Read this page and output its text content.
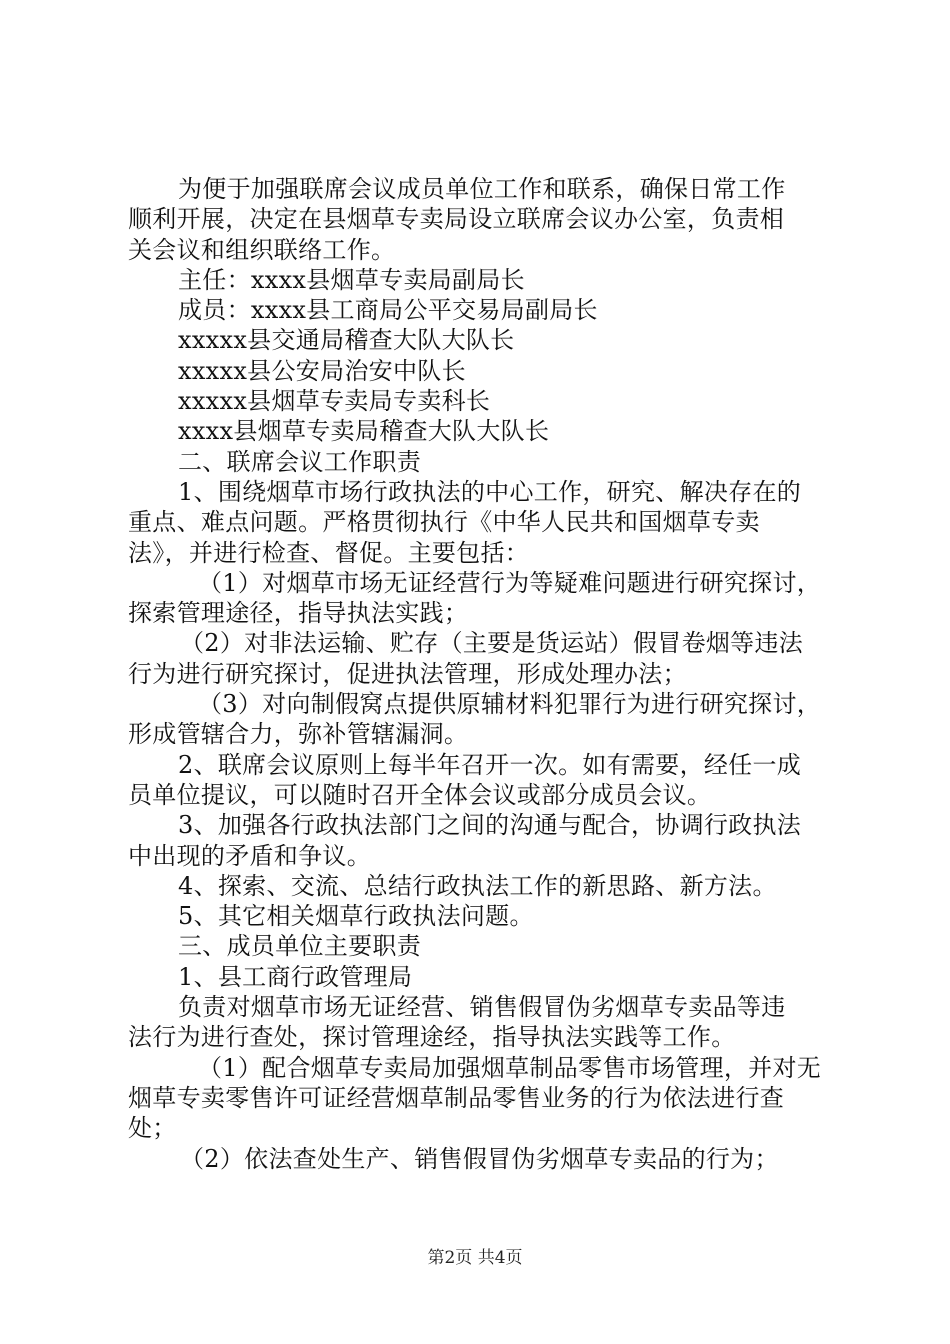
为便于加强联席会议成员单位工作和联系，确保日常工作
顺利开展，决定在县烟草专卖局设立联席会议办公室，负责相
关会议和组织联络工作。
主任：xxxx县烟草专卖局副局长
成员：xxxx县工商局公平交易局副局长
xxxxx县交通局稽查大队大队长
xxxxx县公安局治安中队长
xxxxx县烟草专卖局专卖科长
xxxx县烟草专卖局稽查大队大队长
二、联席会议工作职责
1、围绕烟草市场行政执法的中心工作，研究、解决存在的
重点、难点问题。严格贯彻执行《中华人民共和国烟草专卖
法》，并进行检查、督促。主要包括：
（1）对烟草市场无证经营行为等疑难问题进行研究探讨，
探索管理途径，指导执法实践；
（2）对非法运输、贮存（主要是货运站）假冒卷烟等违法
行为进行研究探讨，促进执法管理，形成处理办法；
（3）对向制假窝点提供原辅材料犯罪行为进行研究探讨，
形成管辖合力，弥补管辖漏洞。
2、联席会议原则上每半年召开一次。如有需要，经任一成
员单位提议，可以随时召开全体会议或部分成员会议。
3、加强各行政执法部门之间的沟通与配合，协调行政执法
中出现的矛盾和争议。
4、探索、交流、总结行政执法工作的新思路、新方法。
5、其它相关烟草行政执法问题。
三、成员单位主要职责
1、县工商行政管理局
负责对烟草市场无证经营、销售假冒伪劣烟草专卖品等违
法行为进行查处，探讨管理途经，指导执法实践等工作。
（1）配合烟草专卖局加强烟草制品零售市场管理，并对无
烟草专卖零售许可证经营烟草制品零售业务的行为依法进行查
处；
（2）依法查处生产、销售假冒伪劣烟草专卖品的行为；
第2页 共4页
